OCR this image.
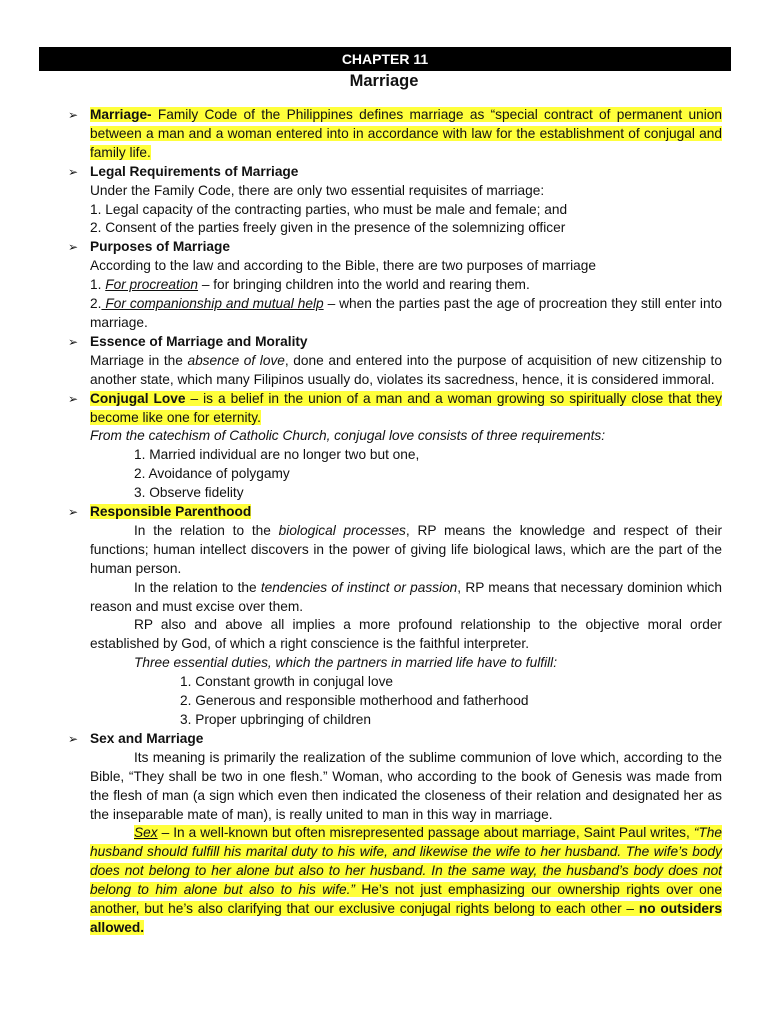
CHAPTER 11
Marriage
➢ Marriage- Family Code of the Philippines defines marriage as “special contract of permanent union between a man and a woman entered into in accordance with law for the establishment of conjugal and family life.
➢ Legal Requirements of Marriage
Under the Family Code, there are only two essential requisites of marriage:
1. Legal capacity of the contracting parties, who must be male and female; and
2. Consent of the parties freely given in the presence of the solemnizing officer
➢ Purposes of Marriage
According to the law and according to the Bible, there are two purposes of marriage
1. For procreation – for bringing children into the world and rearing them.
2. For companionship and mutual help – when the parties past the age of procreation they still enter into marriage.
➢ Essence of Marriage and Morality
Marriage in the absence of love, done and entered into the purpose of acquisition of new citizenship to another state, which many Filipinos usually do, violates its sacredness, hence, it is considered immoral.
➢ Conjugal Love – is a belief in the union of a man and a woman growing so spiritually close that they become like one for eternity.
From the catechism of Catholic Church, conjugal love consists of three requirements:
1. Married individual are no longer two but one,
2. Avoidance of polygamy
3. Observe fidelity
➢ Responsible Parenthood
In the relation to the biological processes, RP means the knowledge and respect of their functions; human intellect discovers in the power of giving life biological laws, which are the part of the human person.
In the relation to the tendencies of instinct or passion, RP means that necessary dominion which reason and must excise over them.
RP also and above all implies a more profound relationship to the objective moral order established by God, of which a right conscience is the faithful interpreter.
Three essential duties, which the partners in married life have to fulfill:
1. Constant growth in conjugal love
2. Generous and responsible motherhood and fatherhood
3. Proper upbringing of children
➢ Sex and Marriage
Its meaning is primarily the realization of the sublime communion of love which, according to the Bible, “They shall be two in one flesh.” Woman, who according to the book of Genesis was made from the flesh of man (a sign which even then indicated the closeness of their relation and designated her as the inseparable mate of man), is really united to man in this way in marriage.
Sex – In a well-known but often misrepresented passage about marriage, Saint Paul writes, “The husband should fulfill his marital duty to his wife, and likewise the wife to her husband. The wife’s body does not belong to her alone but also to her husband. In the same way, the husband’s body does not belong to him alone but also to his wife.” He’s not just emphasizing our ownership rights over one another, but he’s also clarifying that our exclusive conjugal rights belong to each other – no outsiders allowed.
